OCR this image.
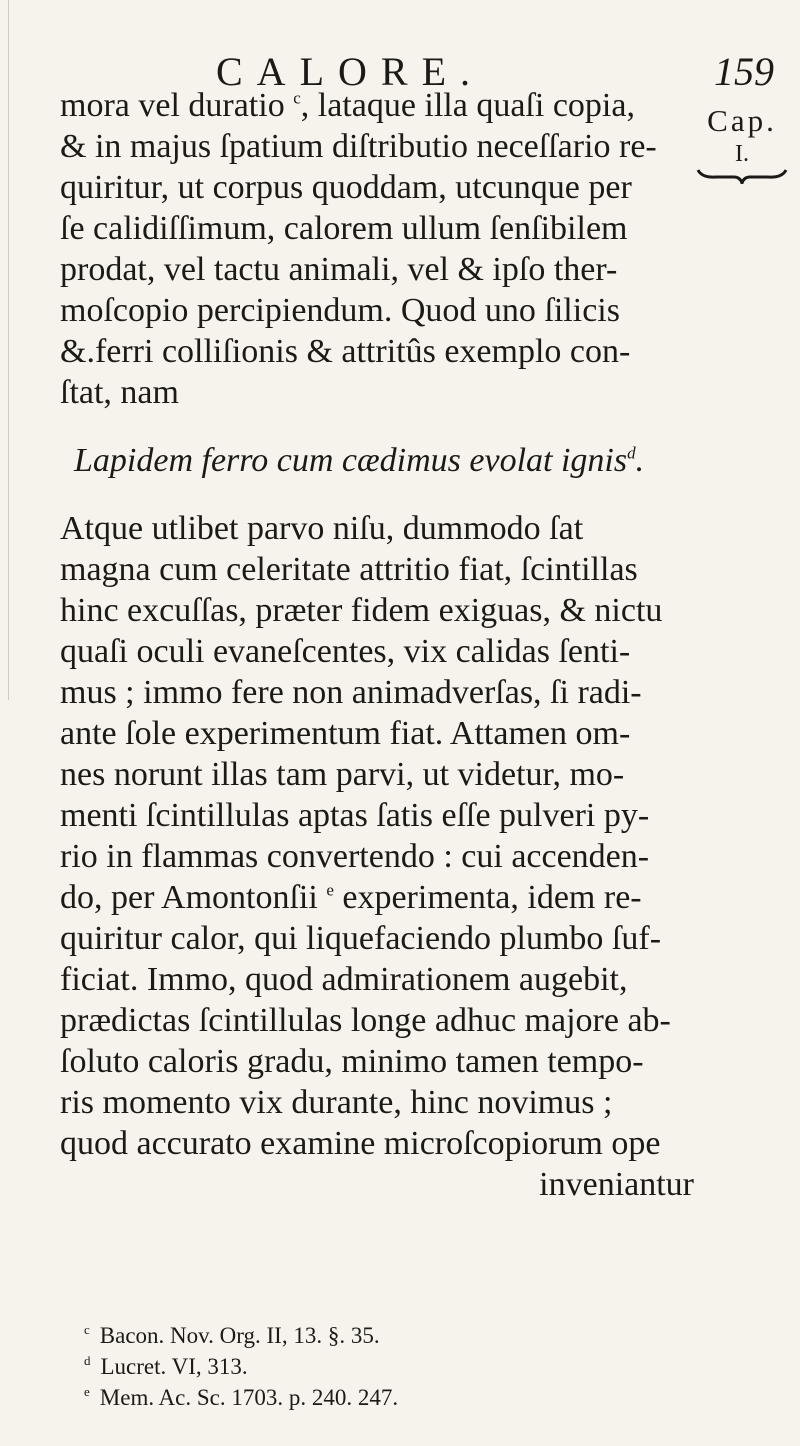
CALORE.	159
Cap.
I.
mora vel duratio $^c$, lataque illa quaſi copia,
& in majus ſpatium diſtributio neceſſario re-
quiritur, ut corpus quoddam, utcunque per
ſe calidiſſimum, calorem ullum ſenſibilem
prodat, vel tactu animali, vel & ipſo ther-
moſcopio percipiendum. Quod uno ſilicis
&.ferri colliſionis & attritûs exemplo con-
ſtat, nam
Lapidem ferro cum cædimus evolat ignis$^d$.
Atque utlibet parvo niſu, dummodo ſat
magna cum celeritate attritio fiat, ſcintillas
hinc excuſſas, præter fidem exiguas, & nictu
quaſi oculi evaneſcentes, vix calidas ſenti-
mus ; immo fere non animadverſas, ſi radi-
ante ſole experimentum fiat. Attamen om-
nes norunt illas tam parvi, ut videtur, mo-
menti ſcintillulas aptas ſatis eſſe pulveri py-
rio in flammas convertendo : cui accenden-
do, per Amontonſii $^e$ experimenta, idem re-
quiritur calor, qui liquefaciendo plumbo ſuf-
ficiat. Immo, quod admirationem augebit,
prædictas ſcintillulas longe adhuc majore ab-
ſoluto caloris gradu, minimo tamen tempo-
ris momento vix durante, hinc novimus ;
quod accurato examine microſcopiorum ope
inveniantur
$^c$ Bacon. Nov. Org. II, 13. §. 35.
$^d$ Lucret. VI, 313.
$^e$ Mem. Ac. Sc. 1703. p. 240. 247.
